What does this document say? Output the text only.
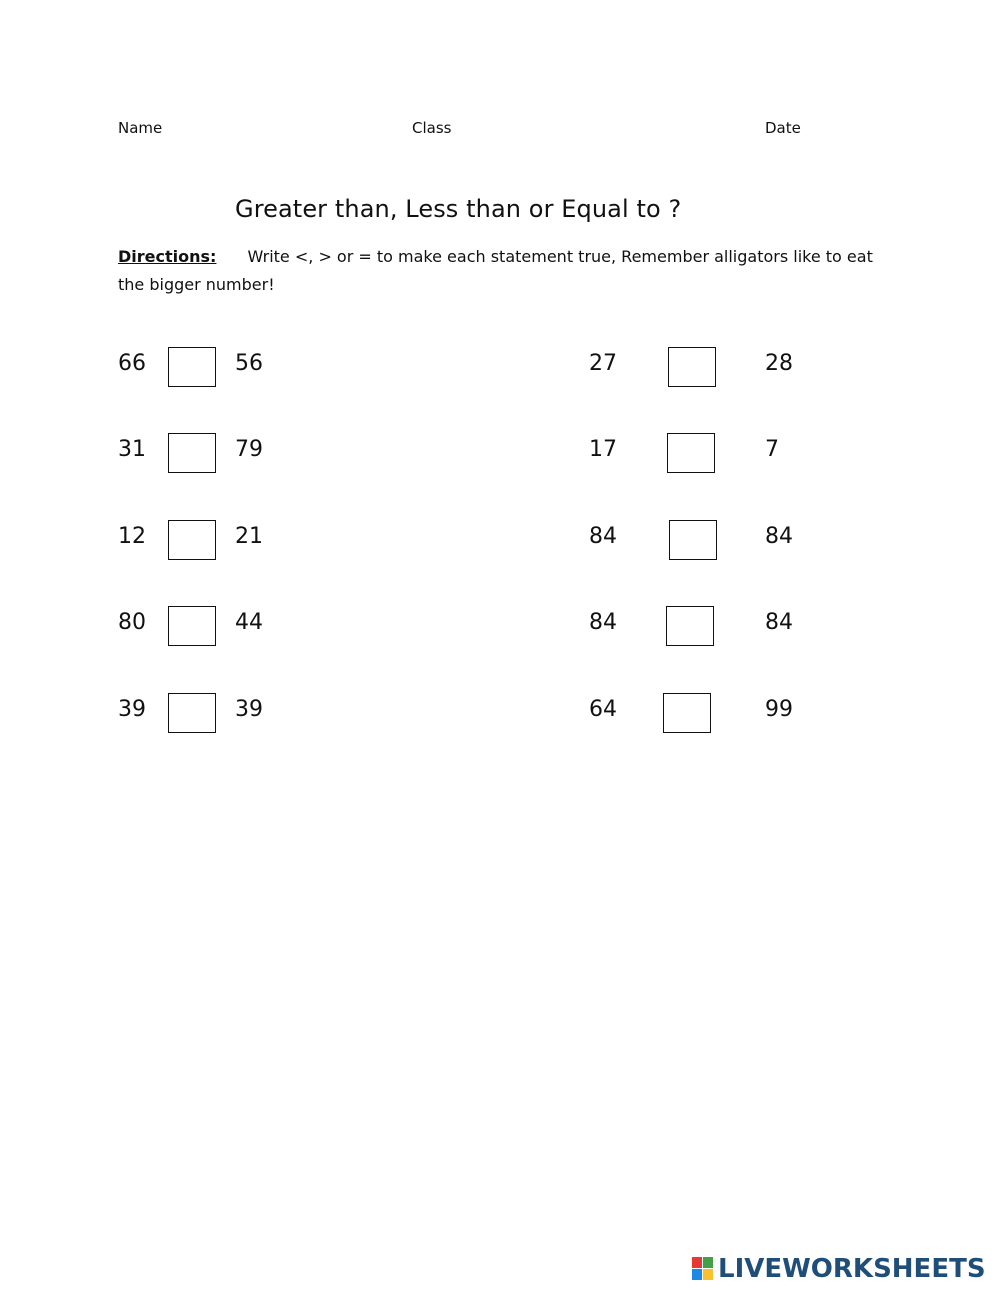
Name	Class	Date
Greater than, Less than or Equal to ?
Directions: Write <, > or = to make each statement true, Remember alligators like to eat the bigger number!
66	56
31	79
12	21
80	44
39	39
27	28
17	7
84	84
84	84
64	99
LIVEWORKSHEETS
